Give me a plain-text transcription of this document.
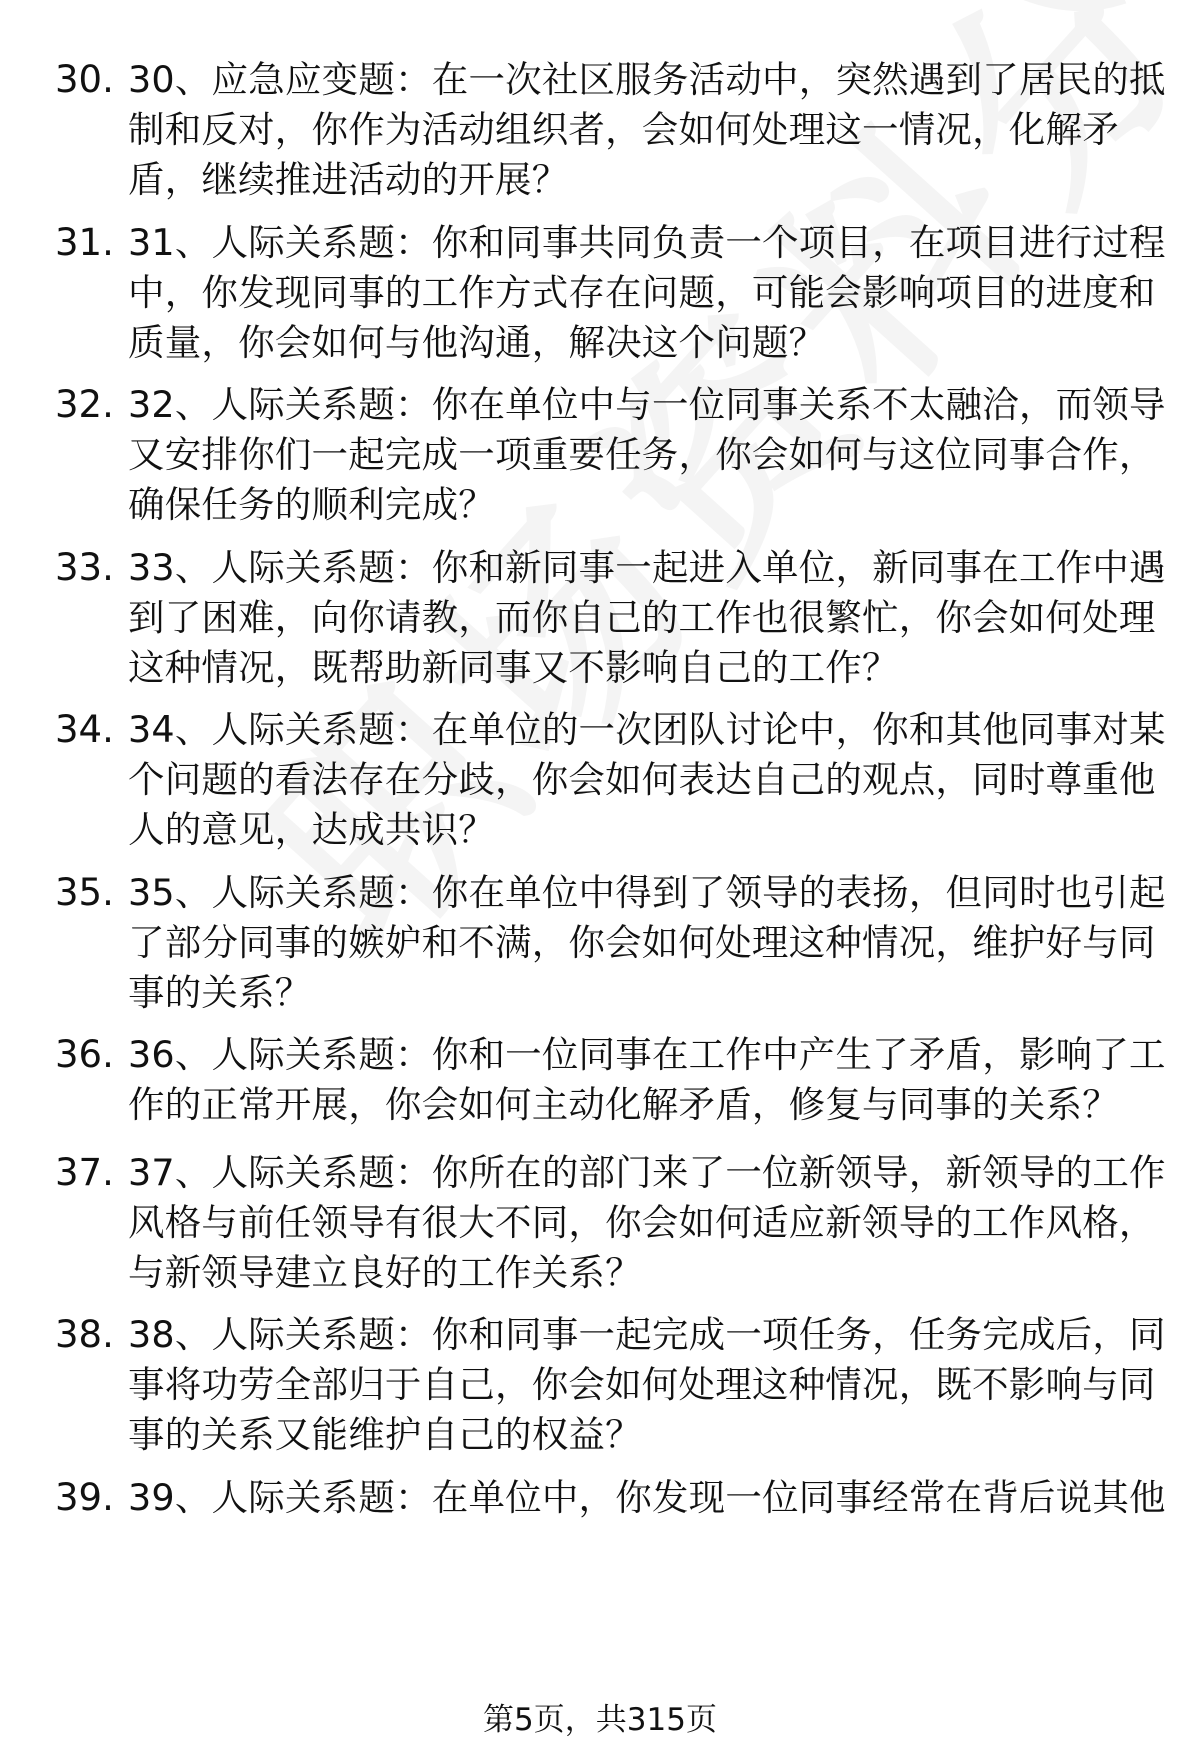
30. 30、应急应变题：在一次社区服务活动中，突然遇到了居民的抵
制和反对，你作为活动组织者，会如何处理这一情况，化解矛
盾，继续推进活动的开展？
31. 31、人际关系题：你和同事共同负责一个项目，在项目进行过程
中，你发现同事的工作方式存在问题，可能会影响项目的进度和
质量，你会如何与他沟通，解决这个问题？
32. 32、人际关系题：你在单位中与一位同事关系不太融洽，而领导
又安排你们一起完成一项重要任务，你会如何与这位同事合作，
确保任务的顺利完成？
33. 33、人际关系题：你和新同事一起进入单位，新同事在工作中遇
到了困难，向你请教，而你自己的工作也很繁忙，你会如何处理
这种情况，既帮助新同事又不影响自己的工作？
34. 34、人际关系题：在单位的一次团队讨论中，你和其他同事对某
个问题的看法存在分歧，你会如何表达自己的观点，同时尊重他
人的意见，达成共识？
35. 35、人际关系题：你在单位中得到了领导的表扬，但同时也引起
了部分同事的嫉妒和不满，你会如何处理这种情况，维护好与同
事的关系？
36. 36、人际关系题：你和一位同事在工作中产生了矛盾，影响了工
作的正常开展，你会如何主动化解矛盾，修复与同事的关系？
37. 37、人际关系题：你所在的部门来了一位新领导，新领导的工作
风格与前任领导有很大不同，你会如何适应新领导的工作风格，
与新领导建立良好的工作关系？
38. 38、人际关系题：你和同事一起完成一项任务，任务完成后，同
事将功劳全部归于自己，你会如何处理这种情况，既不影响与同
事的关系又能维护自己的权益？
39. 39、人际关系题：在单位中，你发现一位同事经常在背后说其他
第5页，共315页
